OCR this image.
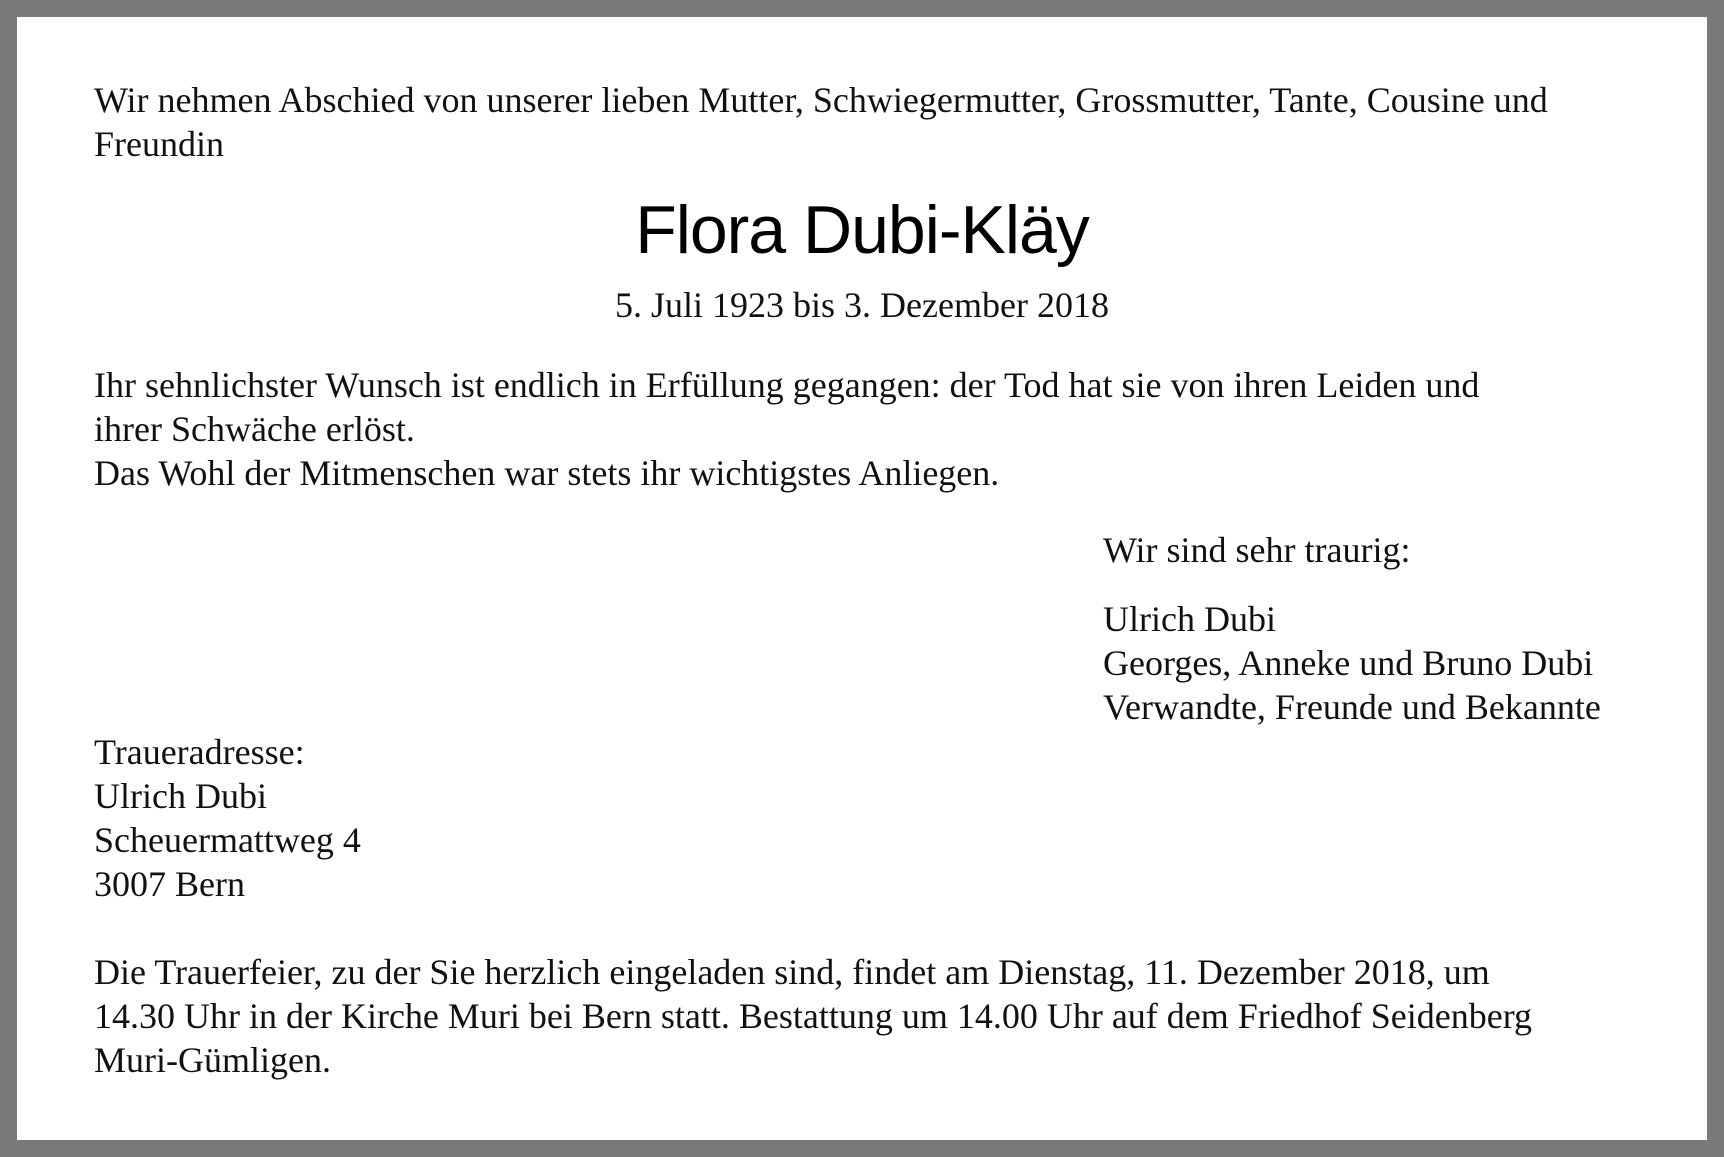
Wir nehmen Abschied von unserer lieben Mutter, Schwiegermutter, Grossmutter, Tante, Cousine und
Freundin

Flora Dubi-Kläy
5. Juli 1923 bis 3. Dezember 2018

Ihr sehnlichster Wunsch ist endlich in Erfüllung gegangen: der Tod hat sie von ihren Leiden und
ihrer Schwäche erlöst.
Das Wohl der Mitmenschen war stets ihr wichtigstes Anliegen.

Wir sind sehr traurig:
Ulrich Dubi
Georges, Anneke und Bruno Dubi
Verwandte, Freunde und Bekannte
Traueradresse:
Ulrich Dubi
Scheuermattweg 4
3007 Bern

Die Trauerfeier, zu der Sie herzlich eingeladen sind, findet am Dienstag, 11. Dezember 2018, um
14.30 Uhr in der Kirche Muri bei Bern statt. Bestattung um 14.00 Uhr auf dem Friedhof Seidenberg
Muri-Gümligen.
